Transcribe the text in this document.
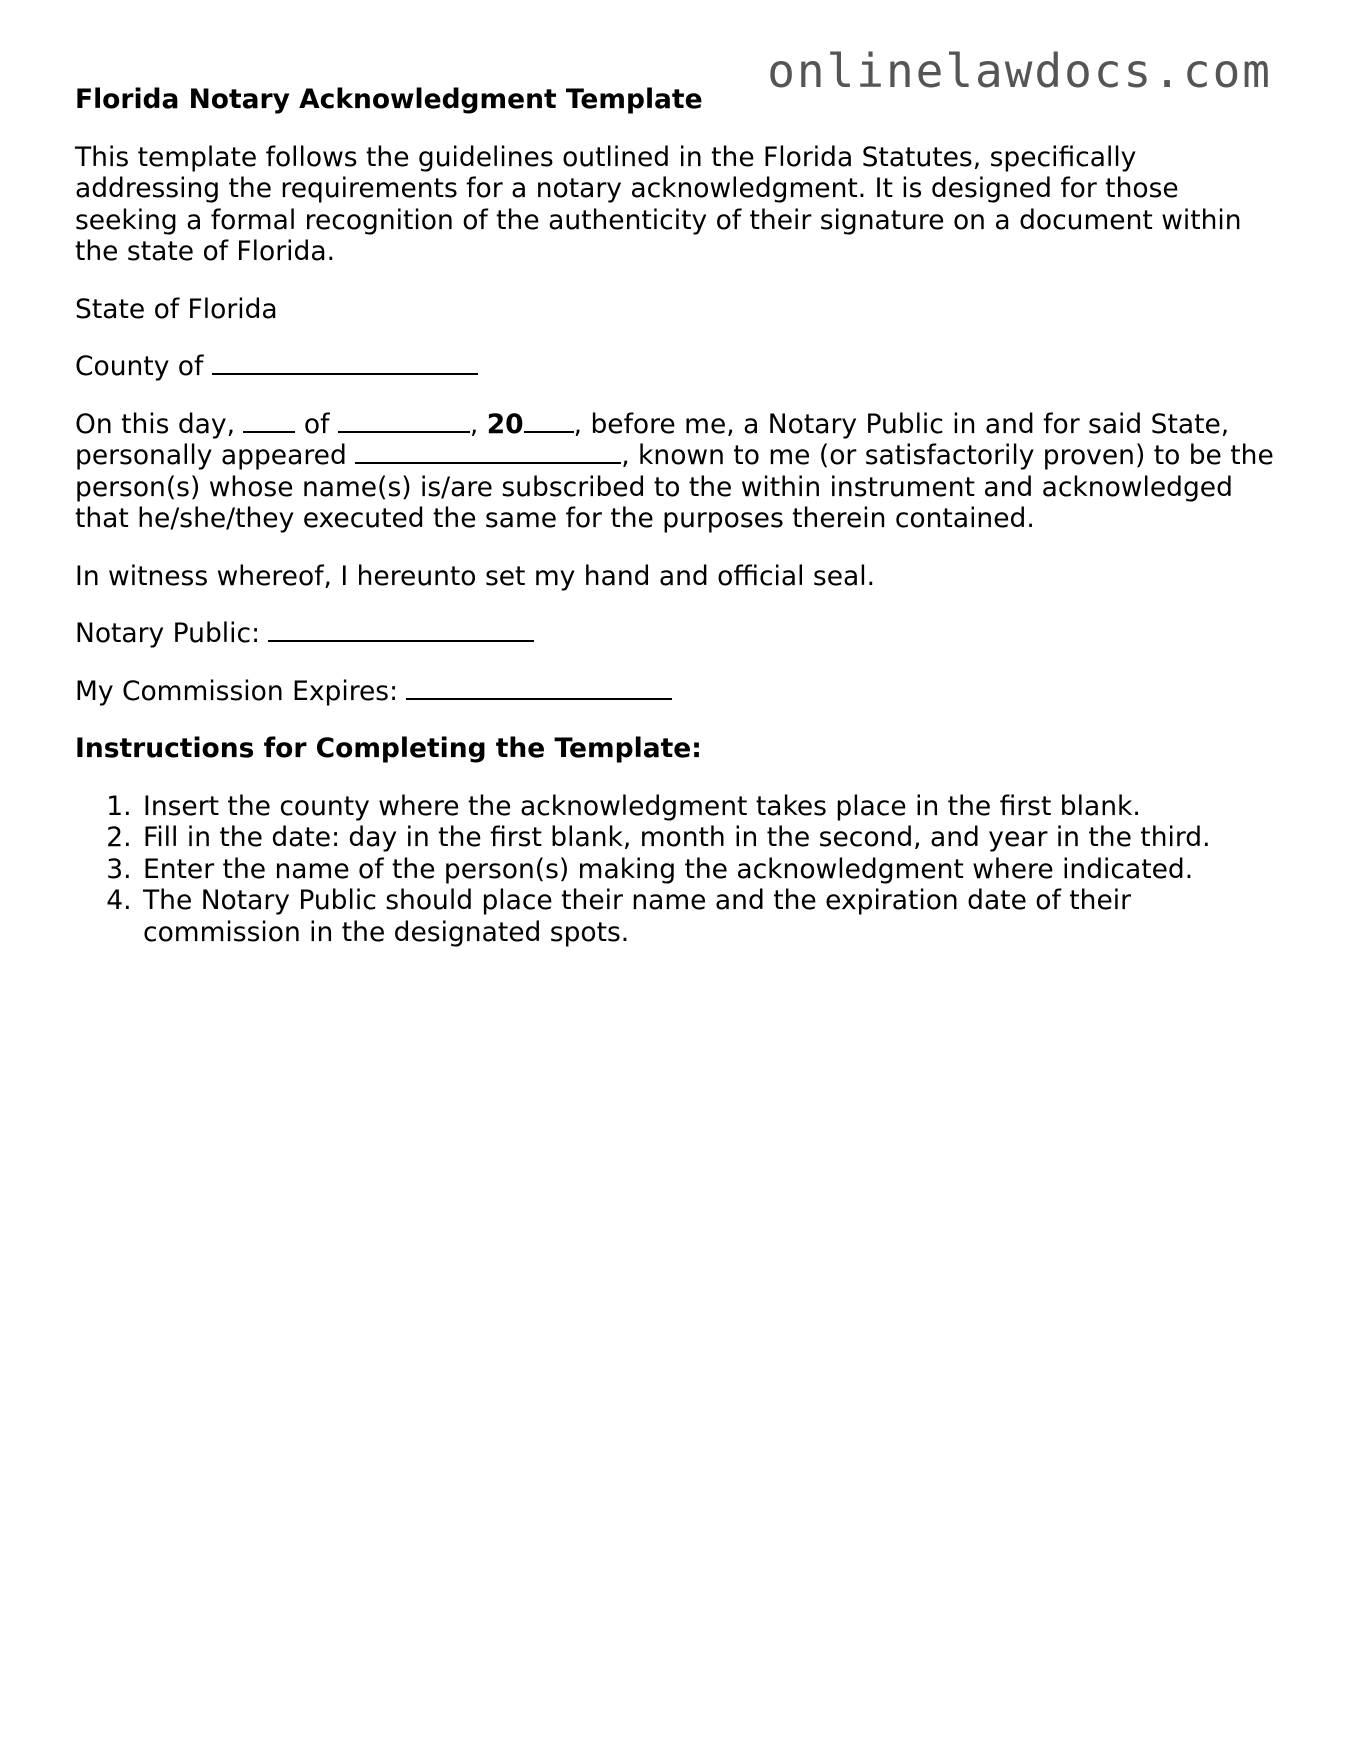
onlinelawdocs.com
Florida Notary Acknowledgment Template

This template follows the guidelines outlined in the Florida Statutes, specifically addressing the requirements for a notary acknowledgment. It is designed for those seeking a formal recognition of the authenticity of their signature on a document within the state of Florida.

State of Florida

County of

On this day,  of	, 20 , before me, a Notary Public in and for said State, personally appeared	, known to me (or satisfactorily proven) to be the person(s) whose name(s) is/are subscribed to the within instrument and acknowledged that he/she/they executed the same for the purposes therein contained.

In witness whereof, I hereunto set my hand and official seal.

Notary Public:

My Commission Expires:

Instructions for Completing the Template:
1. Insert the county where the acknowledgment takes place in the first blank.
2. Fill in the date: day in the first blank, month in the second, and year in the third.
3. Enter the name of the person(s) making the acknowledgment where indicated.
4. The Notary Public should place their name and the expiration date of their commission in the designated spots.
